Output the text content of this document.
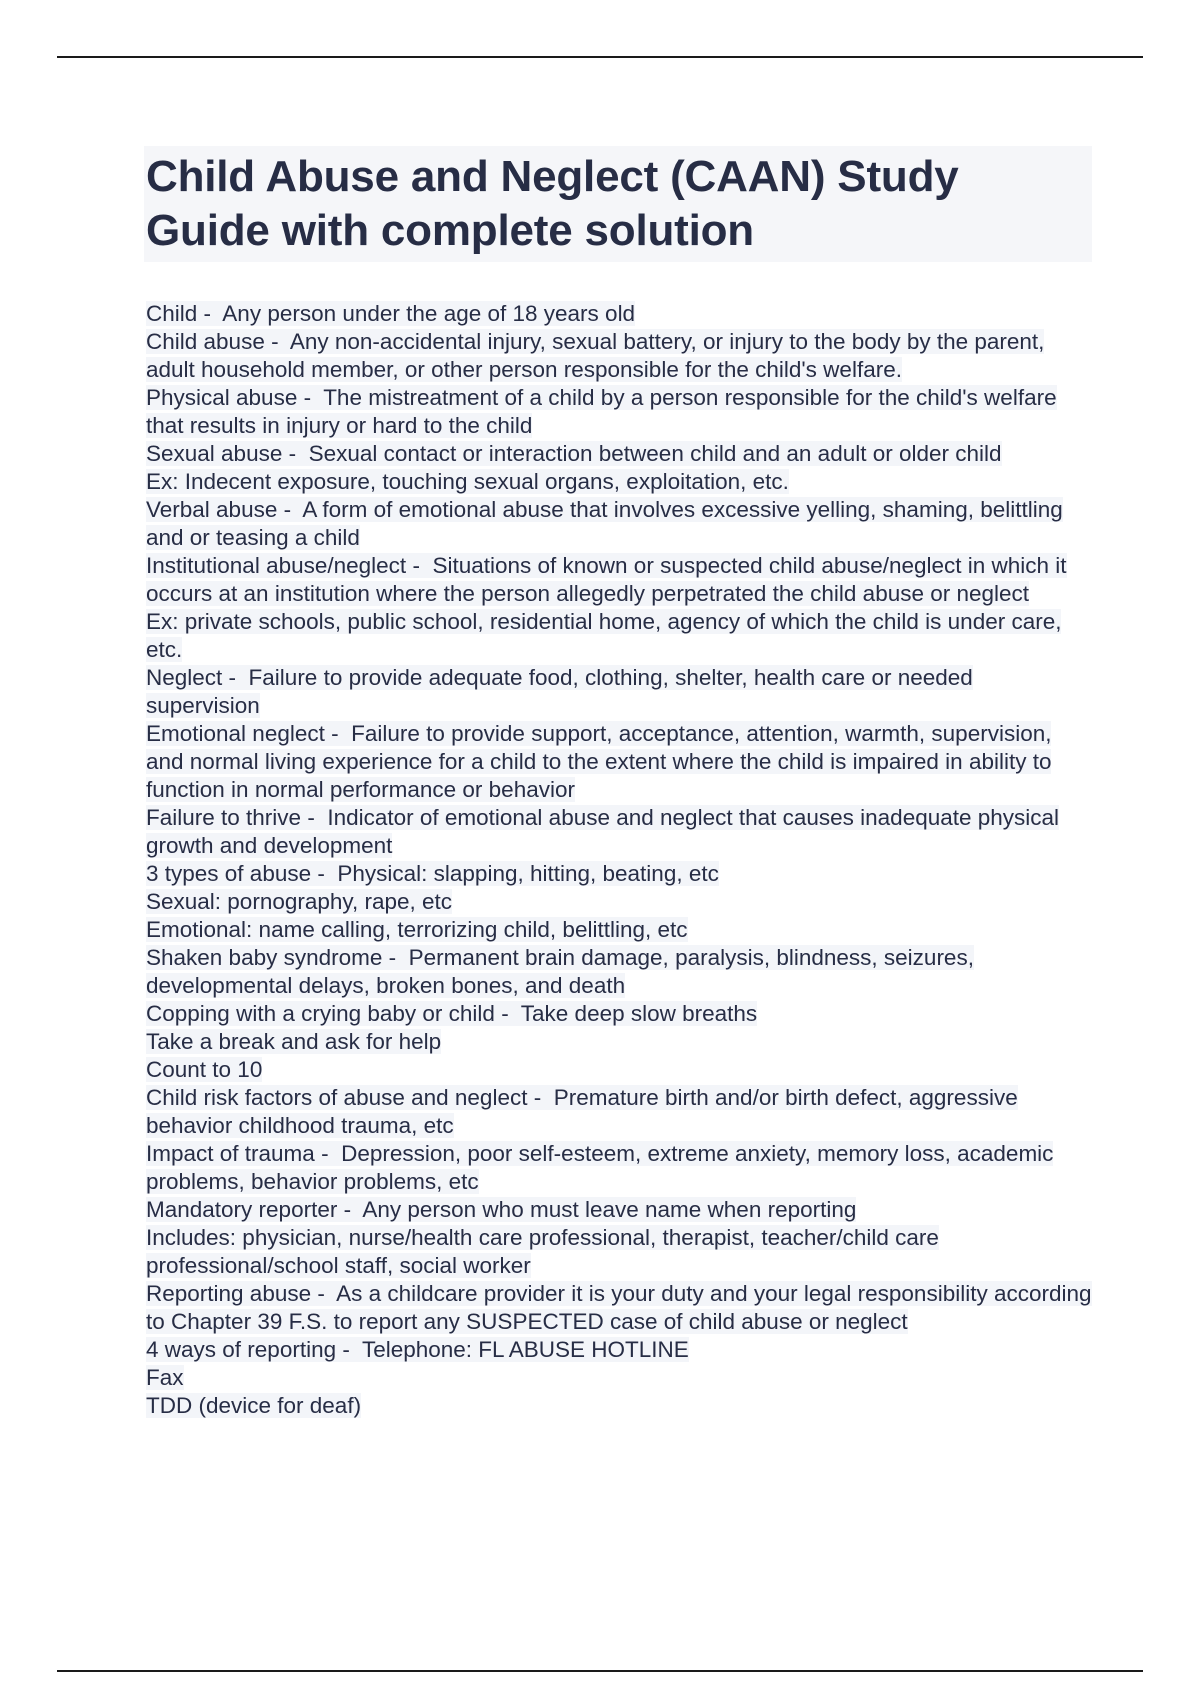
Child Abuse and Neglect (CAAN) Study Guide with complete solution

Child -  Any person under the age of 18 years old

Child abuse -  Any non-accidental injury, sexual battery, or injury to the body by the parent, adult household member, or other person responsible for the child's welfare.

Physical abuse -  The mistreatment of a child by a person responsible for the child's welfare that results in injury or hard to the child

Sexual abuse -  Sexual contact or interaction between child and an adult or older child
Ex: Indecent exposure, touching sexual organs, exploitation, etc.

Verbal abuse -  A form of emotional abuse that involves excessive yelling, shaming, belittling and or teasing a child

Institutional abuse/neglect -  Situations of known or suspected child abuse/neglect in which it occurs at an institution where the person allegedly perpetrated the child abuse or neglect
Ex: private schools, public school, residential home, agency of which the child is under care, etc.

Neglect -  Failure to provide adequate food, clothing, shelter, health care or needed supervision

Emotional neglect -  Failure to provide support, acceptance, attention, warmth, supervision, and normal living experience for a child to the extent where the child is impaired in ability to function in normal performance or behavior

Failure to thrive -  Indicator of emotional abuse and neglect that causes inadequate physical growth and development

3 types of abuse -  Physical: slapping, hitting, beating, etc
Sexual: pornography, rape, etc
Emotional: name calling, terrorizing child, belittling, etc

Shaken baby syndrome -  Permanent brain damage, paralysis, blindness, seizures, developmental delays, broken bones, and death

Copping with a crying baby or child -  Take deep slow breaths
Take a break and ask for help
Count to 10

Child risk factors of abuse and neglect -  Premature birth and/or birth defect, aggressive behavior childhood trauma, etc

Impact of trauma -  Depression, poor self-esteem, extreme anxiety, memory loss, academic problems, behavior problems, etc

Mandatory reporter -  Any person who must leave name when reporting
Includes: physician, nurse/health care professional, therapist, teacher/child care professional/school staff, social worker

Reporting abuse -  As a childcare provider it is your duty and your legal responsibility according to Chapter 39 F.S. to report any SUSPECTED case of child abuse or neglect

4 ways of reporting -  Telephone: FL ABUSE HOTLINE
Fax
TDD (device for deaf)
